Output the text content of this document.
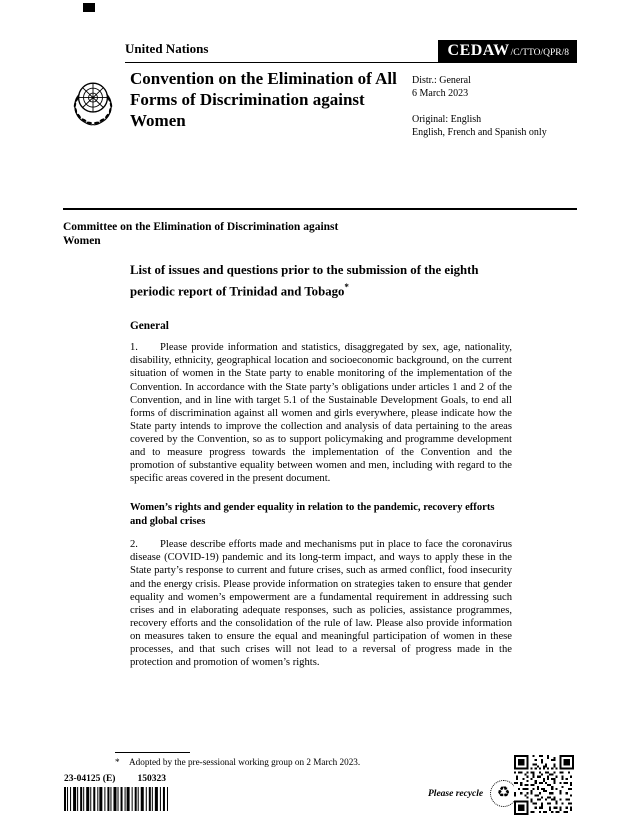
United Nations	CEDAW /C/TTO/QPR/8
Convention on the Elimination of All Forms of Discrimination against Women
Distr.: General
6 March 2023
Original: English
English, French and Spanish only
Committee on the Elimination of Discrimination against Women
List of issues and questions prior to the submission of the eighth periodic report of Trinidad and Tobago*
General

1. Please provide information and statistics, disaggregated by sex, age, nationality, disability, ethnicity, geographical location and socioeconomic background, on the current situation of women in the State party to enable monitoring of the implementation of the Convention. In accordance with the State party’s obligations under articles 1 and 2 of the Convention, and in line with target 5.1 of the Sustainable Development Goals, to end all forms of discrimination against all women and girls everywhere, please indicate how the State party intends to improve the collection and analysis of data pertaining to the areas covered by the Convention, so as to support policymaking and programme development and to measure progress towards the implementation of the Convention and the promotion of substantive equality between women and men, including with regard to the specific areas covered in the present document.

Women’s rights and gender equality in relation to the pandemic, recovery efforts and global crises

2. Please describe efforts made and mechanisms put in place to face the coronavirus disease (COVID-19) pandemic and its long-term impact, and ways to apply these in the State party’s response to current and future crises, such as armed conflict, food insecurity and the energy crisis. Please provide information on strategies taken to ensure that gender equality and women’s empowerment are a fundamental requirement in addressing such crises and in elaborating adequate responses, such as policies, assistance programmes, recovery efforts and the consolidation of the rule of law. Please also provide information on measures taken to ensure the equal and meaningful participation of women in these processes, and that such crises will not lead to a reversal of progress made in the protection and promotion of women’s rights.

* Adopted by the pre-sessional working group on 2 March 2023.
23-04125 (E) 150323
Please recycle ♻
